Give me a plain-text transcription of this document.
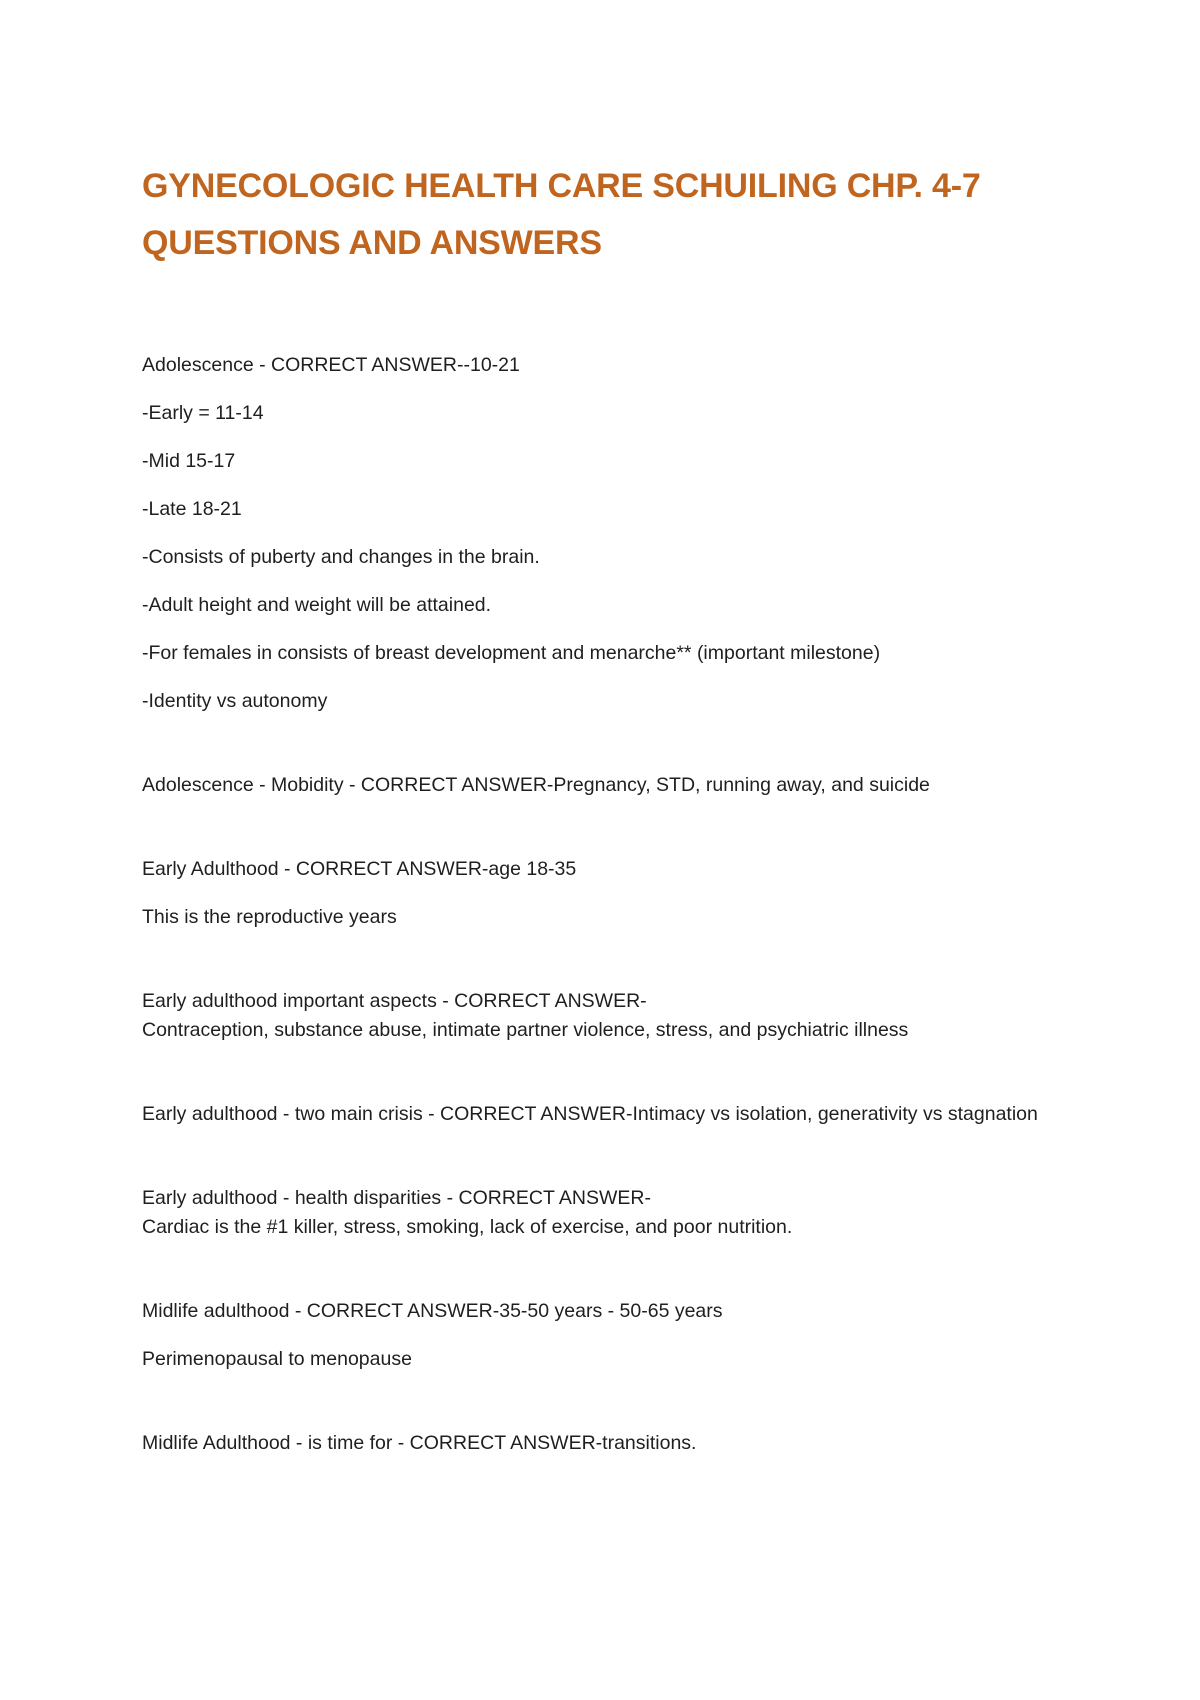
GYNECOLOGIC HEALTH CARE SCHUILING CHP. 4-7
QUESTIONS AND ANSWERS
Adolescence - CORRECT ANSWER--10-21
-Early = 11-14
-Mid 15-17
-Late 18-21
-Consists of puberty and changes in the brain.
-Adult height and weight will be attained.
-For females in consists of breast development and menarche** (important milestone)
-Identity vs autonomy
Adolescence - Mobidity - CORRECT ANSWER-Pregnancy, STD, running away, and suicide
Early Adulthood - CORRECT ANSWER-age 18-35
This is the reproductive years
Early adulthood important aspects - CORRECT ANSWER-
Contraception, substance abuse, intimate partner violence, stress, and psychiatric illness
Early adulthood - two main crisis - CORRECT ANSWER-Intimacy vs isolation, generativity vs stagnation
Early adulthood - health disparities - CORRECT ANSWER-
Cardiac is the #1 killer, stress, smoking, lack of exercise, and poor nutrition.
Midlife adulthood - CORRECT ANSWER-35-50 years - 50-65 years
Perimenopausal to menopause
Midlife Adulthood - is time for - CORRECT ANSWER-transitions.
